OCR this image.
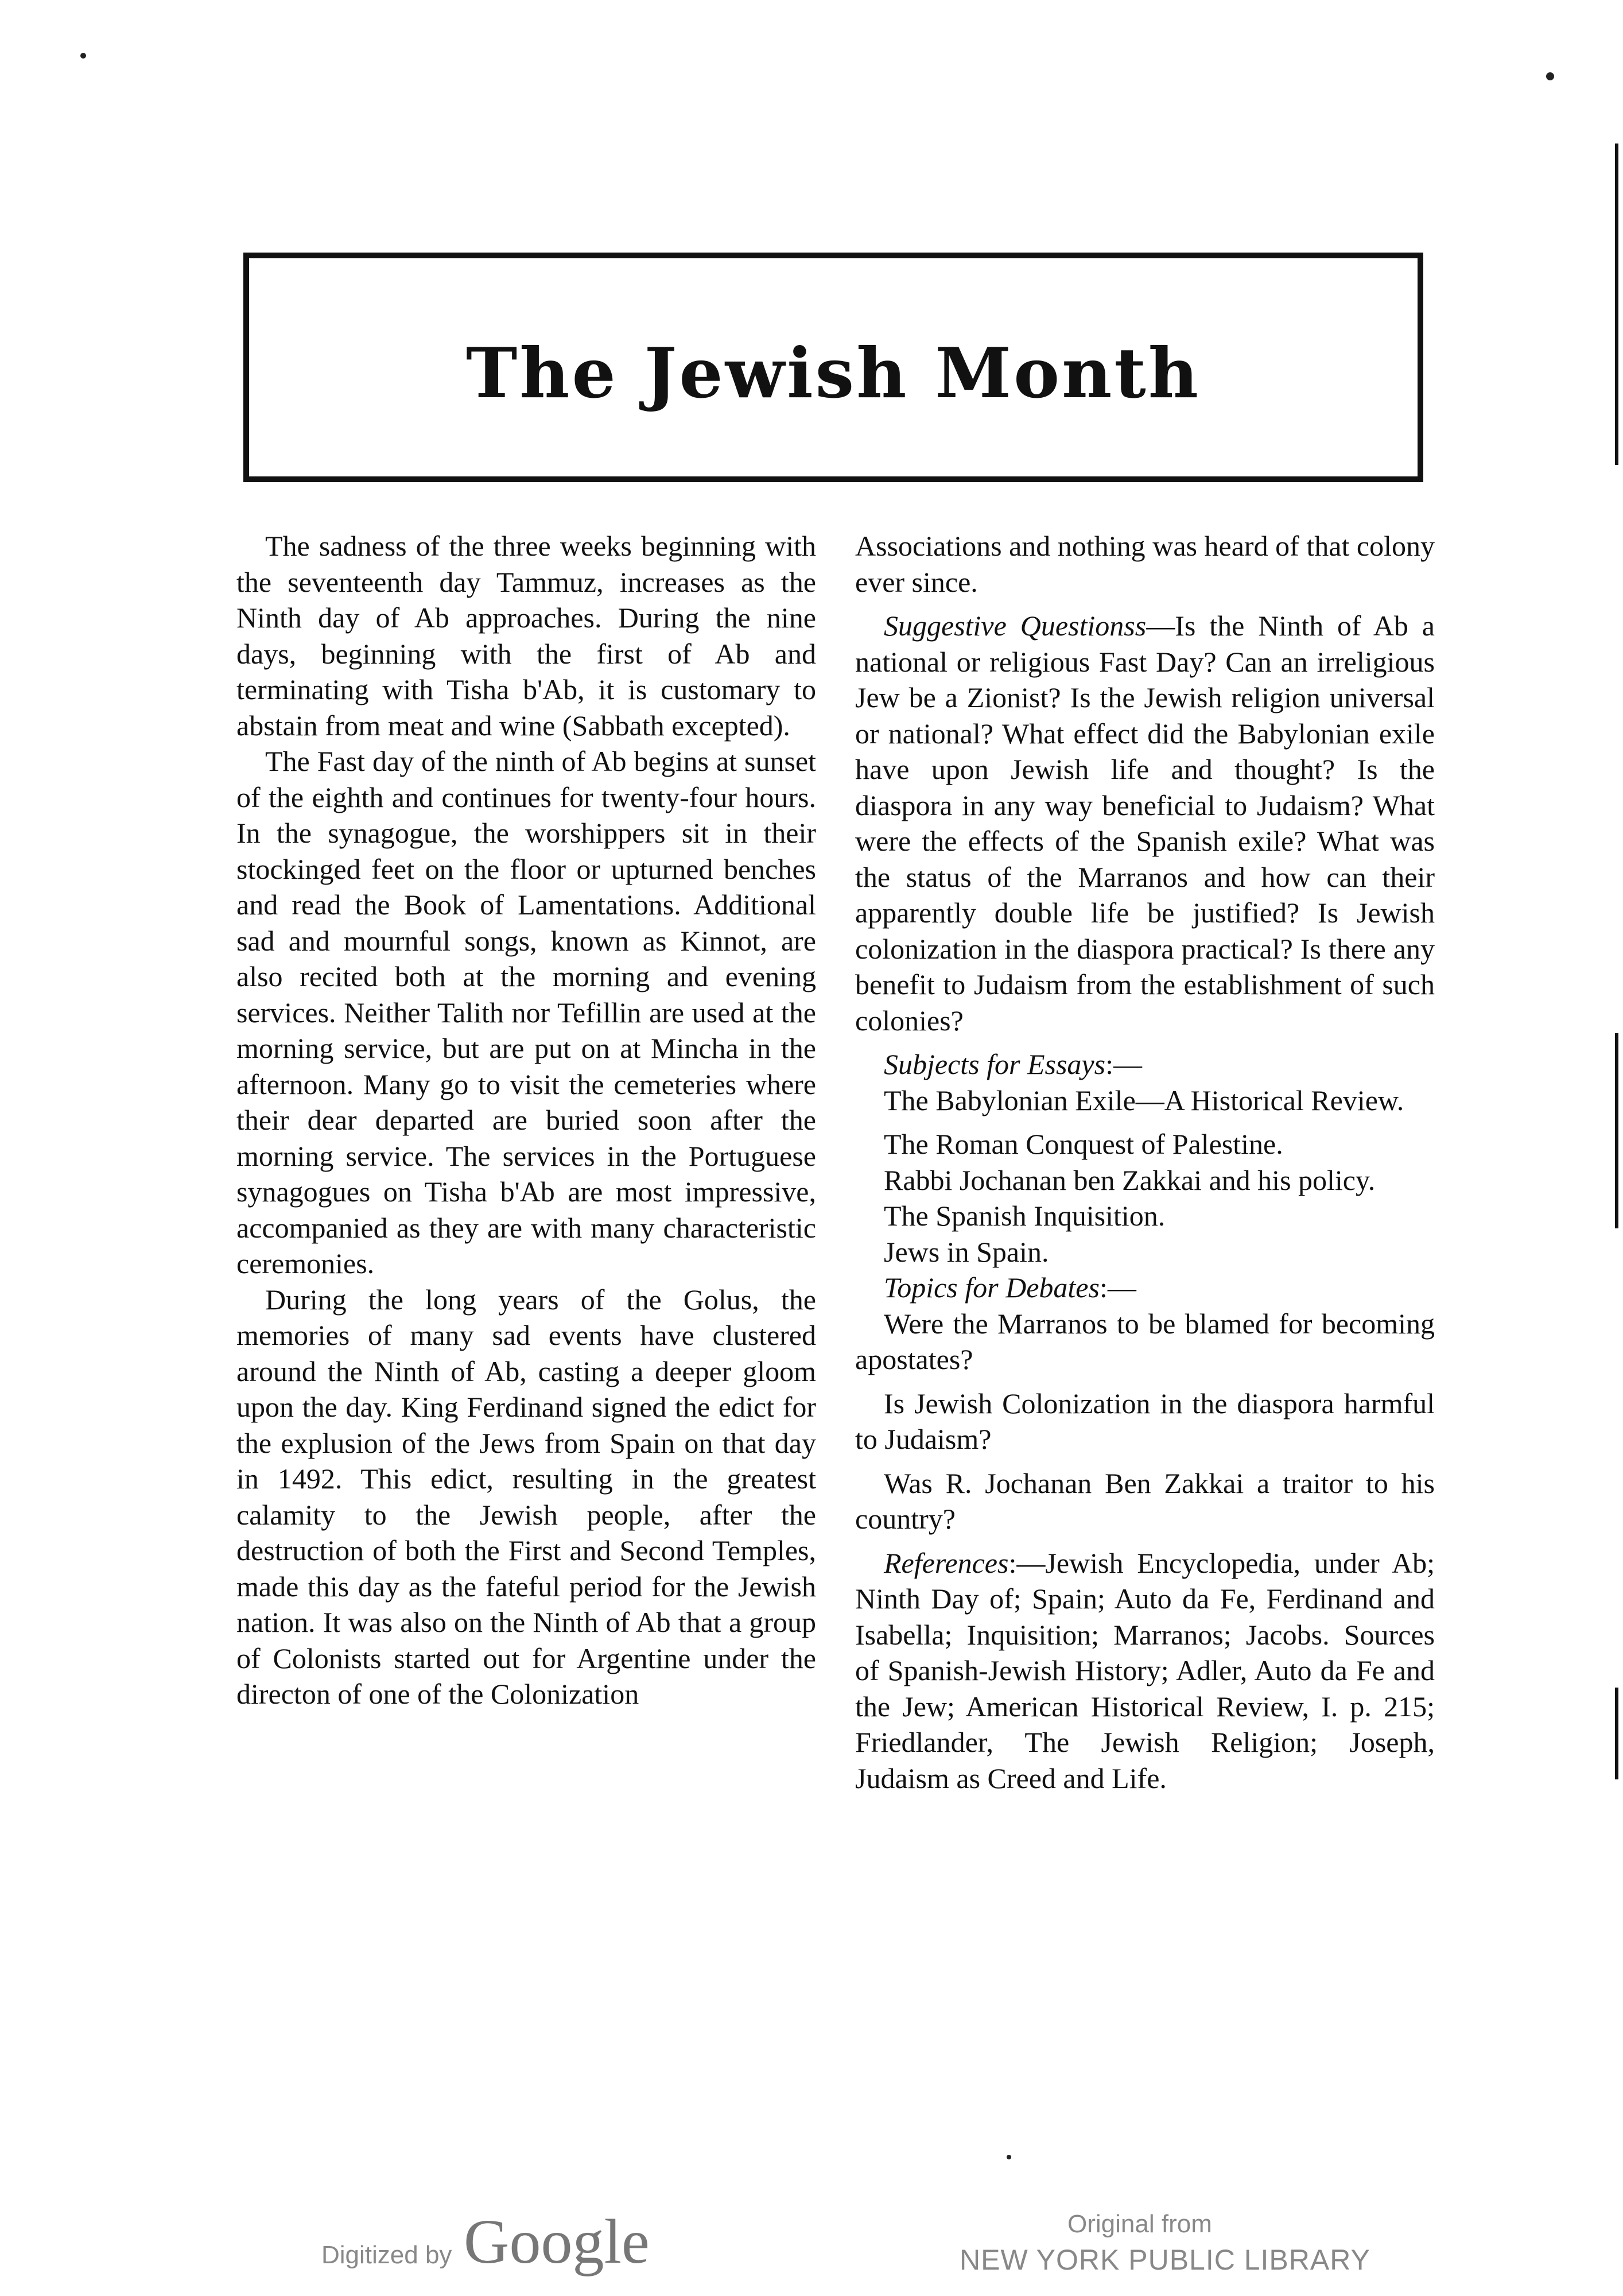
The Jewish Month

The sadness of the three weeks beginning with the seventeenth day Tammuz, increases as the Ninth day of Ab approaches. During the nine days, beginning with the first of Ab and terminating with Tisha b'Ab, it is customary to abstain from meat and wine (Sabbath excepted).

The Fast day of the ninth of Ab begins at sunset of the eighth and continues for twenty-four hours. In the synagogue, the worshippers sit in their stockinged feet on the floor or upturned benches and read the Book of Lamentations. Additional sad and mournful songs, known as Kinnot, are also recited both at the morning and evening services. Neither Talith nor Tefillin are used at the morning service, but are put on at Mincha in the afternoon. Many go to visit the cemeteries where their dear departed are buried soon after the morning service. The services in the Portuguese synagogues on Tisha b'Ab are most impressive, accompanied as they are with many characteristic ceremonies.

During the long years of the Golus, the memories of many sad events have clustered around the Ninth of Ab, casting a deeper gloom upon the day. King Ferdinand signed the edict for the explusion of the Jews from Spain on that day in 1492. This edict, resulting in the greatest calamity to the Jewish people, after the destruction of both the First and Second Temples, made this day as the fateful period for the Jewish nation. It was also on the Ninth of Ab that a group of Colonists started out for Argentine under the directon of one of the Colonization

Associations and nothing was heard of that colony ever since.

Suggestive Questionss—Is the Ninth of Ab a national or religious Fast Day? Can an irreligious Jew be a Zionist? Is the Jewish religion universal or national? What effect did the Babylonian exile have upon Jewish life and thought? Is the diaspora in any way beneficial to Judaism? What were the effects of the Spanish exile? What was the status of the Marranos and how can their apparently double life be justified? Is Jewish colonization in the diaspora practical? Is there any benefit to Judaism from the establishment of such colonies?

Subjects for Essays:—

The Babylonian Exile—A Historical Review.

The Roman Conquest of Palestine.

Rabbi Jochanan ben Zakkai and his policy.

The Spanish Inquisition.

Jews in Spain.

Topics for Debates:—

Were the Marranos to be blamed for becoming apostates?

Is Jewish Colonization in the diaspora harmful to Judaism?

Was R. Jochanan Ben Zakkai a traitor to his country?

References:—Jewish Encyclopedia, under Ab; Ninth Day of; Spain; Auto da Fe, Ferdinand and Isabella; Inquisition; Marranos; Jacobs. Sources of Spanish-Jewish History; Adler, Auto da Fe and the Jew; American Historical Review, I. p. 215; Friedlander, The Jewish Religion; Joseph, Judaism as Creed and Life.

Digitized by Google	Original from
NEW YORK PUBLIC LIBRARY
